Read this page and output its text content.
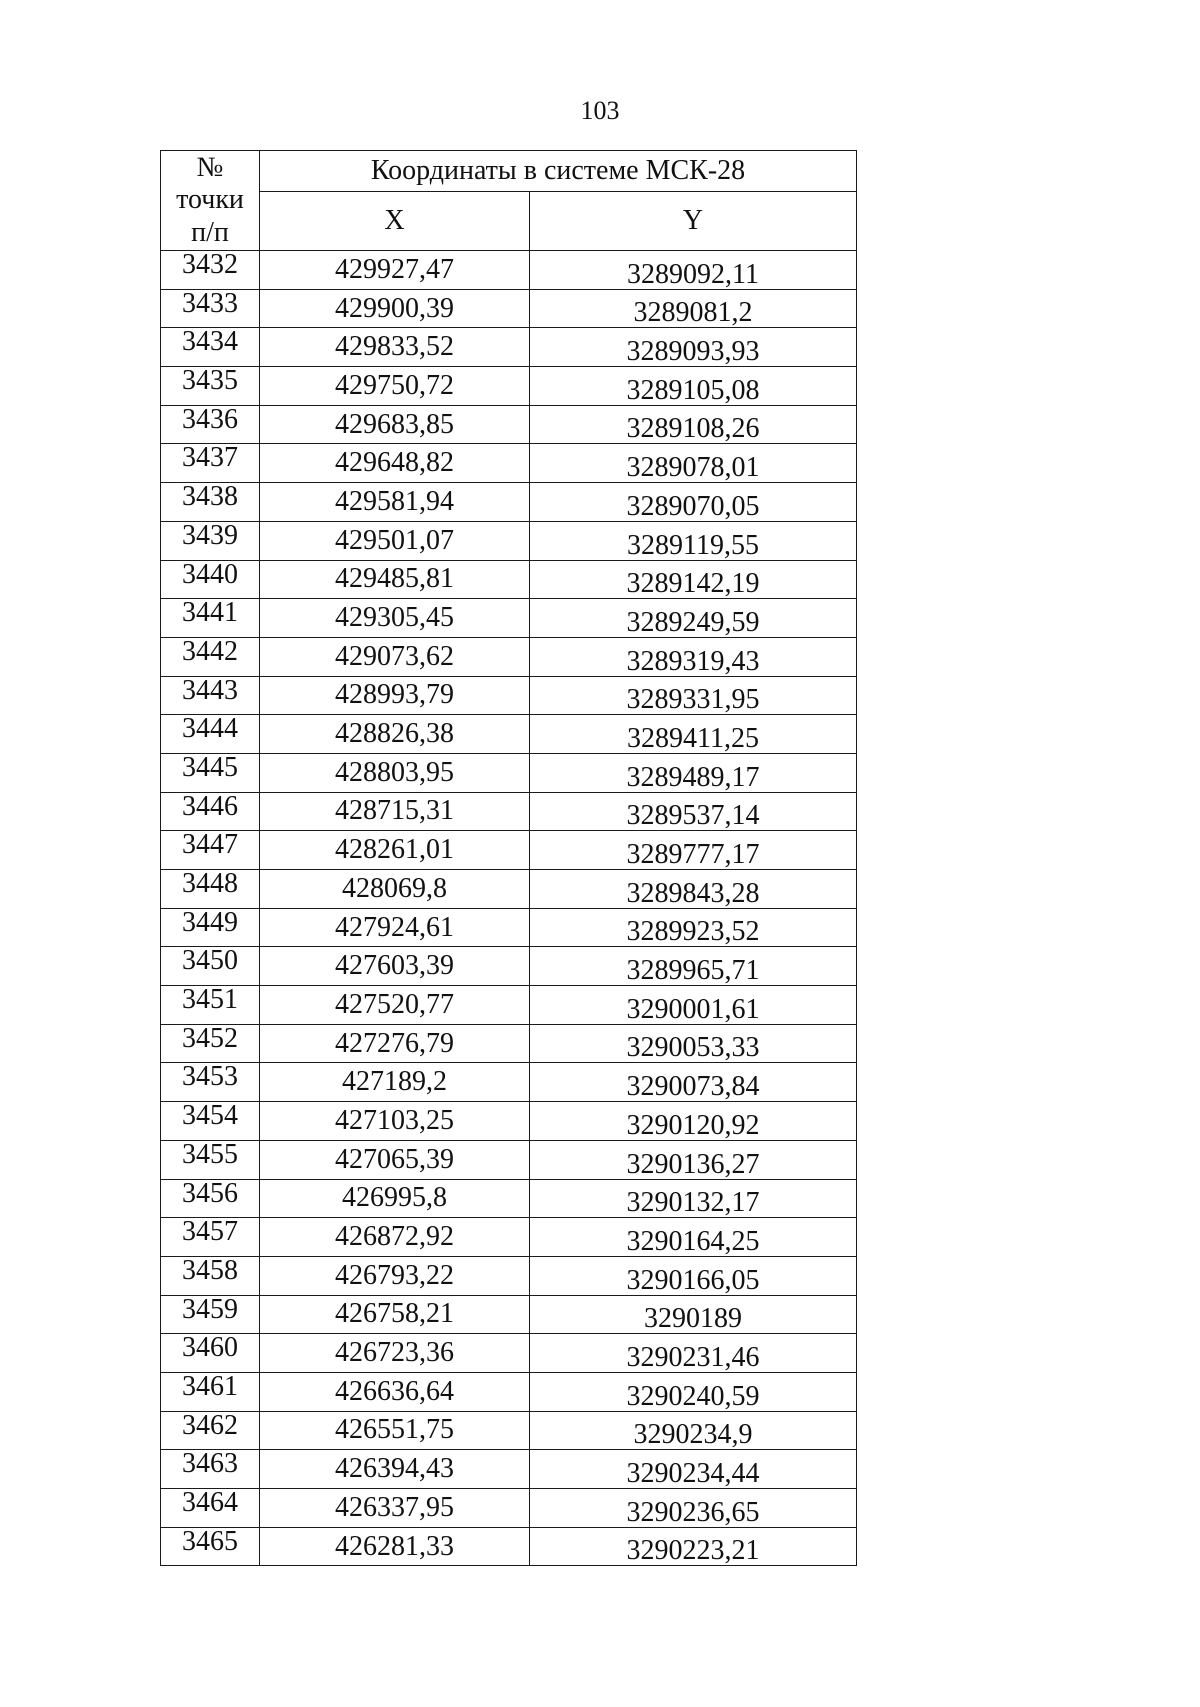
103
№
точки
п/п	Координаты в системе МСК-28	
	X	Y
3432	429927,47	3289092,11
3433	429900,39	3289081,2
3434	429833,52	3289093,93
3435	429750,72	3289105,08
3436	429683,85	3289108,26
3437	429648,82	3289078,01
3438	429581,94	3289070,05
3439	429501,07	3289119,55
3440	429485,81	3289142,19
3441	429305,45	3289249,59
3442	429073,62	3289319,43
3443	428993,79	3289331,95
3444	428826,38	3289411,25
3445	428803,95	3289489,17
3446	428715,31	3289537,14
3447	428261,01	3289777,17
3448	428069,8	3289843,28
3449	427924,61	3289923,52
3450	427603,39	3289965,71
3451	427520,77	3290001,61
3452	427276,79	3290053,33
3453	427189,2	3290073,84
3454	427103,25	3290120,92
3455	427065,39	3290136,27
3456	426995,8	3290132,17
3457	426872,92	3290164,25
3458	426793,22	3290166,05
3459	426758,21	3290189
3460	426723,36	3290231,46
3461	426636,64	3290240,59
3462	426551,75	3290234,9
3463	426394,43	3290234,44
3464	426337,95	3290236,65
3465	426281,33	3290223,21
